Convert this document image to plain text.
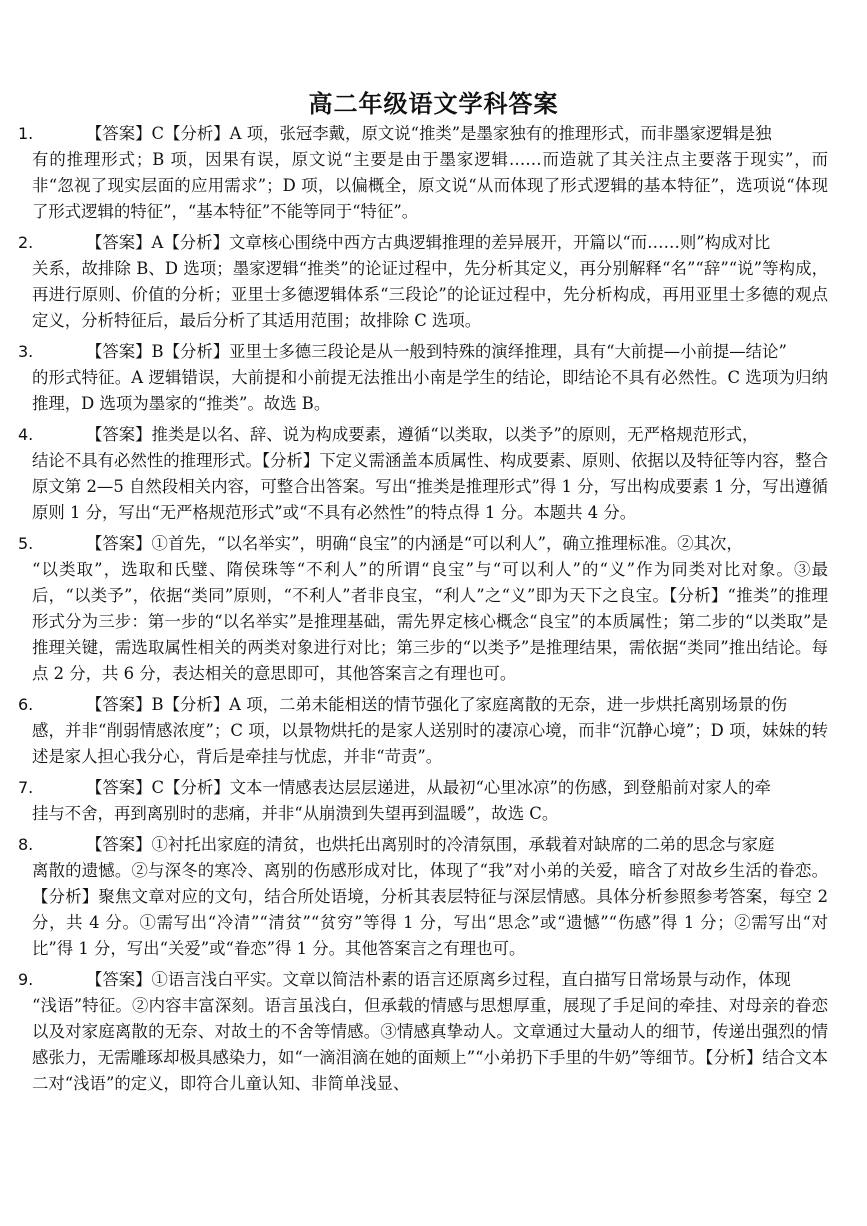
高二年级语文学科答案
1.	【答案】C【分析】A 项，张冠李戴，原文说“推类”是墨家独有的推理形式，而非墨家逻辑是独
有的推理形式；B 项，因果有误，原文说“主要是由于墨家逻辑……而造就了其关注点主要落于现实”，而非“忽视了现实层面的应用需求”；D 项，以偏概全，原文说“从而体现了形式逻辑的基本特征”，选项说“体现了形式逻辑的特征”，“基本特征”不能等同于“特征”。
2.	【答案】A【分析】文章核心围绕中西方古典逻辑推理的差异展开，开篇以“而……则”构成对比
关系，故排除 B、D 选项；墨家逻辑“推类”的论证过程中，先分析其定义，再分别解释“名”“辞”“说”等构成，再进行原则、价值的分析；亚里士多德逻辑体系“三段论”的论证过程中，先分析构成，再用亚里士多德的观点定义，分析特征后，最后分析了其适用范围；故排除 C 选项。
3.	【答案】B【分析】亚里士多德三段论是从一般到特殊的演绎推理，具有“大前提—小前提—结论”
的形式特征。A 逻辑错误，大前提和小前提无法推出小南是学生的结论，即结论不具有必然性。C 选项为归纳推理，D 选项为墨家的“推类”。故选 B。
4.	【答案】推类是以名、辞、说为构成要素，遵循“以类取，以类予”的原则，无严格规范形式，
结论不具有必然性的推理形式。【分析】下定义需涵盖本质属性、构成要素、原则、依据以及特征等内容，整合原文第 2—5 自然段相关内容，可整合出答案。写出“推类是推理形式”得 1 分，写出构成要素 1 分，写出遵循原则 1 分，写出“无严格规范形式”或“不具有必然性”的特点得 1 分。本题共 4 分。
5.	【答案】①首先，“以名举实”，明确“良宝”的内涵是“可以利人”，确立推理标准。②其次，
“以类取”，选取和氏璧、隋侯珠等“不利人”的所谓“良宝”与“可以利人”的“义”作为同类对比对象。③最后，“以类予”，依据“类同”原则，“不利人”者非良宝，“利人”之“义”即为天下之良宝。【分析】“推类”的推理形式分为三步：第一步的“以名举实”是推理基础，需先界定核心概念“良宝”的本质属性；第二步的“以类取”是推理关键，需选取属性相关的两类对象进行对比；第三步的“以类予”是推理结果，需依据“类同”推出结论。每点 2 分，共 6 分，表达相关的意思即可，其他答案言之有理也可。
6.	【答案】B【分析】A 项，二弟未能相送的情节强化了家庭离散的无奈，进一步烘托离别场景的伤
感，并非“削弱情感浓度”；C 项，以景物烘托的是家人送别时的凄凉心境，而非“沉静心境”；D 项，妹妹的转述是家人担心我分心，背后是牵挂与忧虑，并非“苛责”。
7.	【答案】C【分析】文本一情感表达层层递进，从最初“心里冰凉”的伤感，到登船前对家人的牵
挂与不舍，再到离别时的悲痛，并非“从崩溃到失望再到温暖”，故选 C。
8.	【答案】①衬托出家庭的清贫，也烘托出离别时的冷清氛围，承载着对缺席的二弟的思念与家庭
离散的遗憾。②与深冬的寒冷、离别的伤感形成对比，体现了“我”对小弟的关爱，暗含了对故乡生活的眷恋。【分析】聚焦文章对应的文句，结合所处语境，分析其表层特征与深层情感。具体分析参照参考答案，每空 2 分，共 4 分。①需写出“冷清”“清贫”“贫穷”等得 1 分，写出“思念”或“遗憾”“伤感”得 1 分；②需写出“对比”得 1 分，写出“关爱”或“眷恋”得 1 分。其他答案言之有理也可。
9.	【答案】①语言浅白平实。文章以简洁朴素的语言还原离乡过程，直白描写日常场景与动作，体现
“浅语”特征。②内容丰富深刻。语言虽浅白，但承载的情感与思想厚重，展现了手足间的牵挂、对母亲的眷恋以及对家庭离散的无奈、对故土的不舍等情感。③情感真挚动人。文章通过大量动人的细节，传递出强烈的情感张力，无需雕琢却极具感染力，如“一滴泪滴在她的面颊上”“小弟扔下手里的牛奶”等细节。【分析】结合文本二对“浅语”的定义，即符合儿童认知、非简单浅显、
